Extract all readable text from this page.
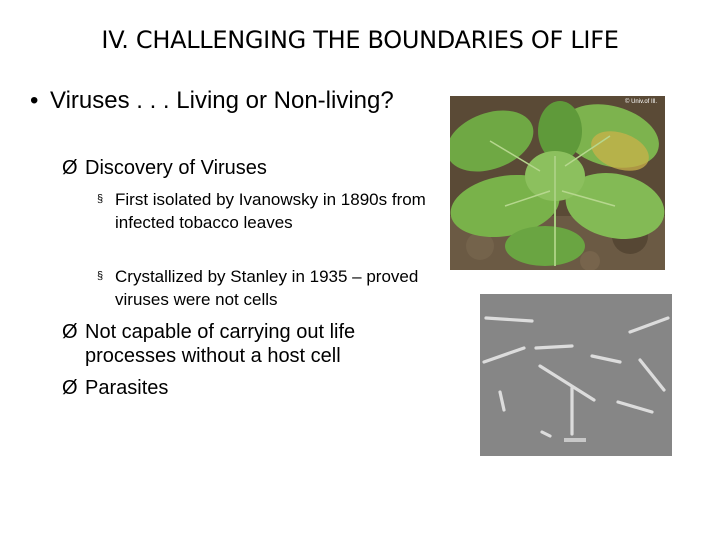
IV. CHALLENGING THE BOUNDARIES OF LIFE
• Viruses . . . Living or Non-living?
Ø Discovery of Viruses
§ First isolated by Ivanowsky in 1890s from infected tobacco leaves
§ Crystallized by Stanley in 1935 – proved viruses were not cells
Ø Not capable of carrying out life processes without a host cell
Ø Parasites
© Univ.of Ill.
